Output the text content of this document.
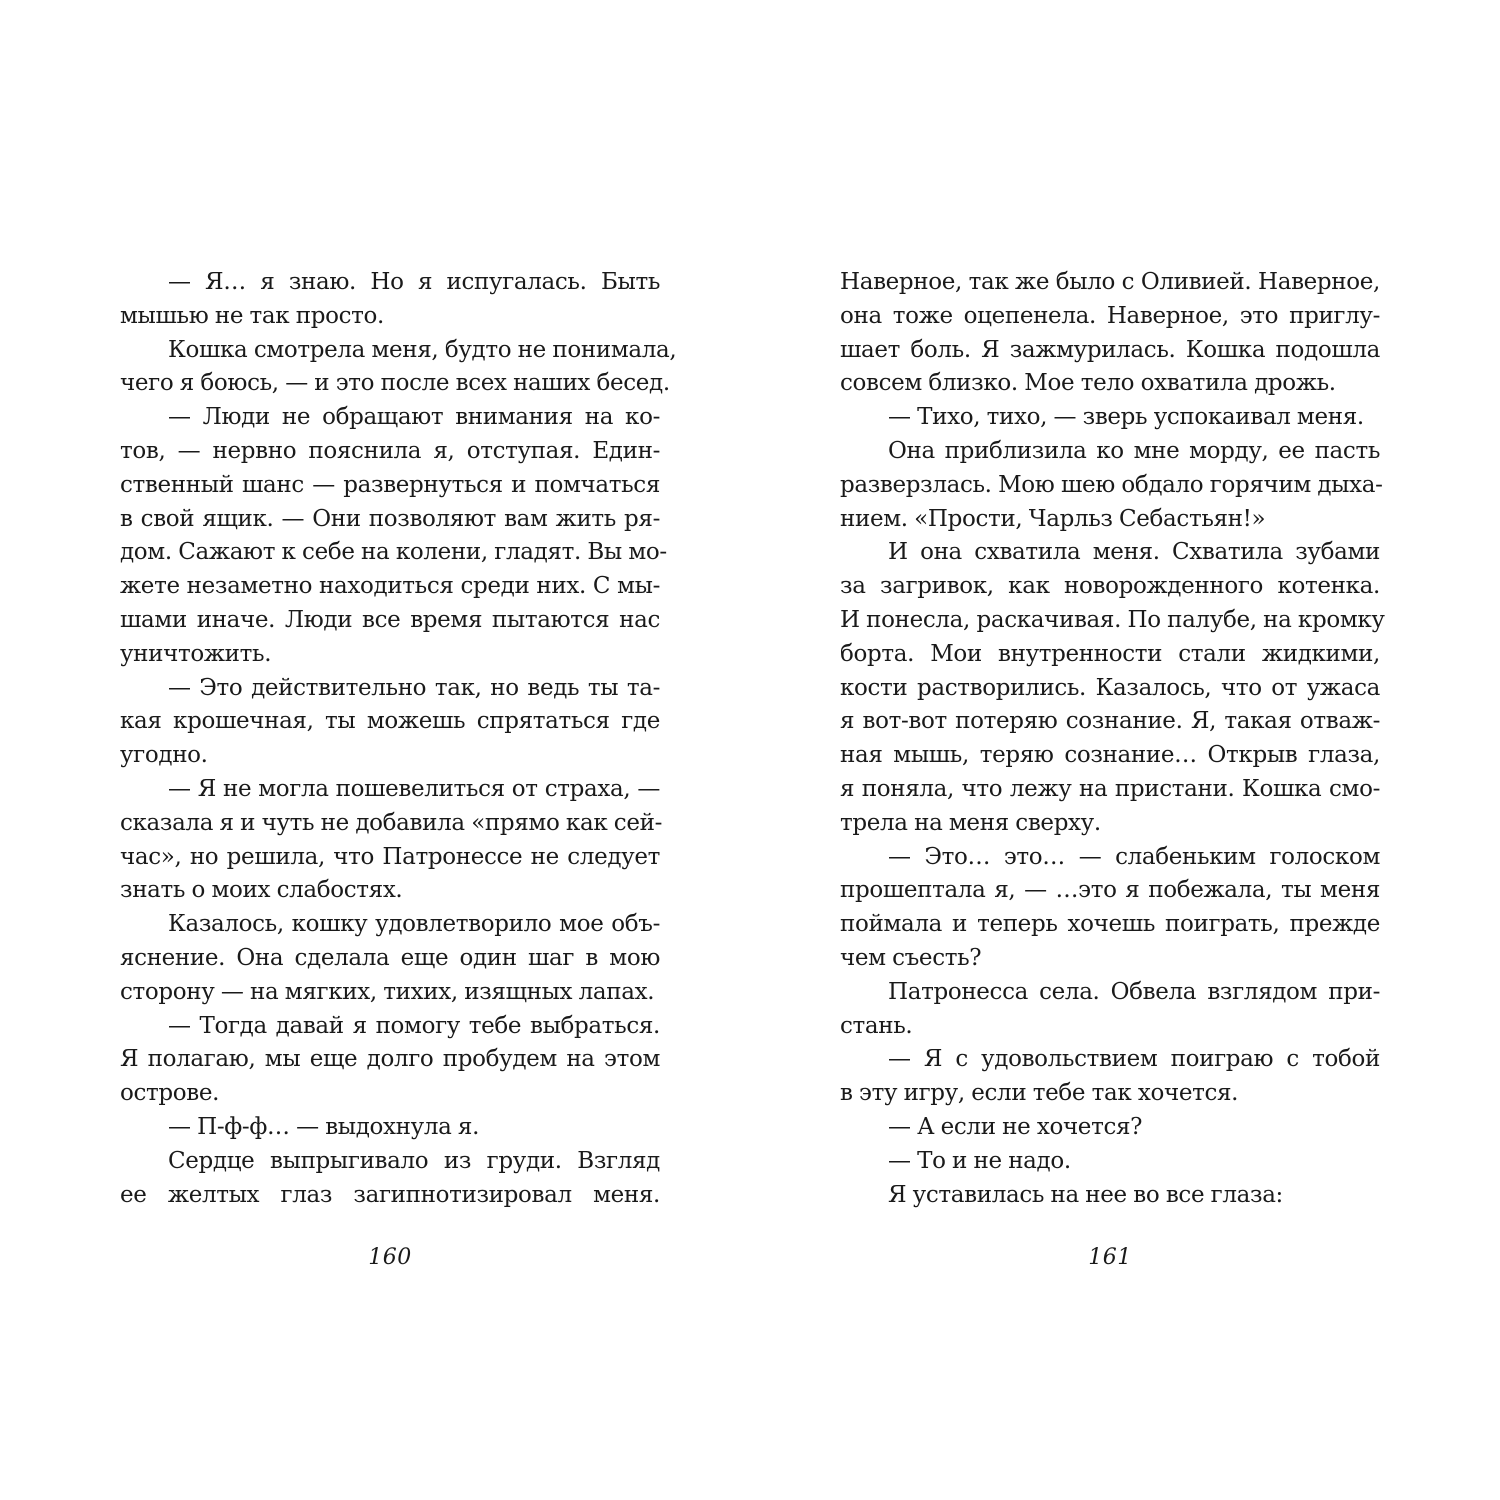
— Я… я знаю. Но я испугалась. Быть
мышью не так просто.
Кошка смотрела меня, будто не понимала,
чего я боюсь, — и это после всех наших бесед.
— Люди не обращают внимания на ко-
тов, — нервно пояснила я, отступая. Един-
ственный шанс — развернуться и помчаться
в свой ящик. — Они позволяют вам жить ря-
дом. Сажают к себе на колени, гладят. Вы мо-
жете незаметно находиться среди них. С мы-
шами иначе. Люди все время пытаются нас
уничтожить.
— Это действительно так, но ведь ты та-
кая крошечная, ты можешь спрятаться где
угодно.
— Я не могла пошевелиться от страха, —
сказала я и чуть не добавила «прямо как сей-
час», но решила, что Патронессе не следует
знать о моих слабостях.
Казалось, кошку удовлетворило мое объ-
яснение. Она сделала еще один шаг в мою
сторону — на мягких, тихих, изящных лапах.
— Тогда давай я помогу тебе выбраться.
Я полагаю, мы еще долго пробудем на этом
острове.
— П-ф-ф… — выдохнула я.
Сердце выпрыгивало из груди. Взгляд
ее желтых глаз загипнотизировал меня.
160
Наверное, так же было с Оливией. Наверное,
она тоже оцепенела. Наверное, это приглу-
шает боль. Я зажмурилась. Кошка подошла
совсем близко. Мое тело охватила дрожь.
— Тихо, тихо, — зверь успокаивал меня.
Она приблизила ко мне морду, ее пасть
разверзлась. Мою шею обдало горячим дыха-
нием. «Прости, Чарльз Себастьян!»
И она схватила меня. Схватила зубами
за загривок, как новорожденного котенка.
И понесла, раскачивая. По палубе, на кромку
борта. Мои внутренности стали жидкими,
кости растворились. Казалось, что от ужаса
я вот-вот потеряю сознание. Я, такая отваж-
ная мышь, теряю сознание… Открыв глаза,
я поняла, что лежу на пристани. Кошка смо-
трела на меня сверху.
— Это… это… — слабеньким голоском
прошептала я, — …это я побежала, ты меня
поймала и теперь хочешь поиграть, прежде
чем съесть?
Патронесса села. Обвела взглядом при-
стань.
— Я с удовольствием поиграю с тобой
в эту игру, если тебе так хочется.
— А если не хочется?
— То и не надо.
Я уставилась на нее во все глаза:
161
